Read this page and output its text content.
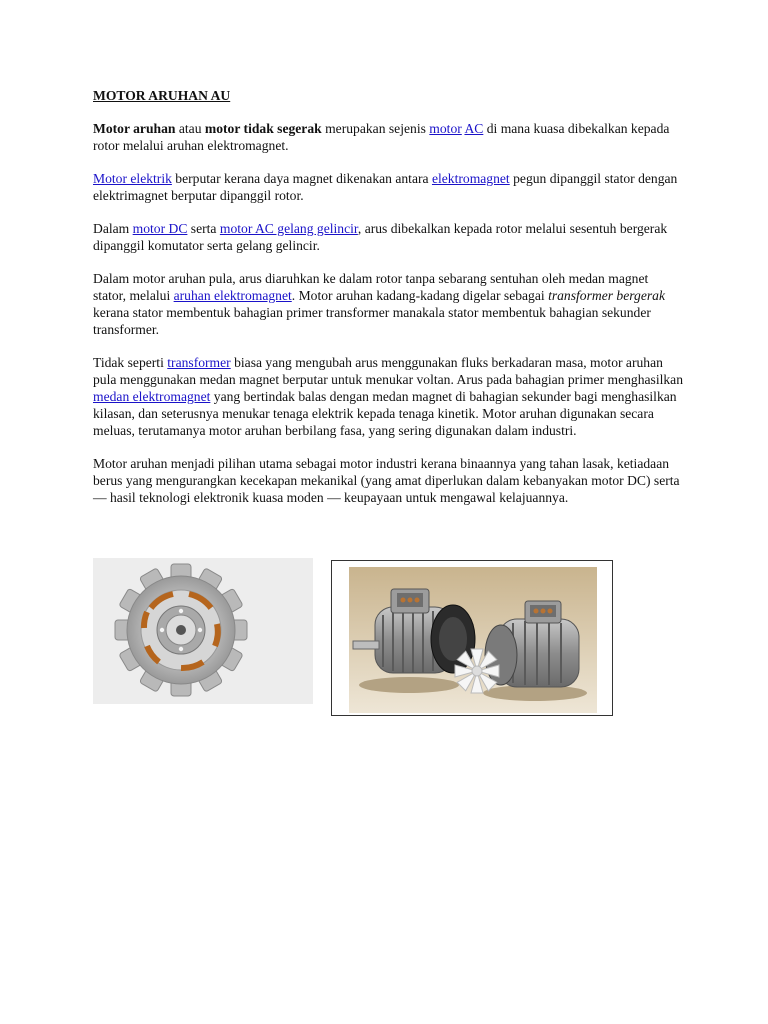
MOTOR ARUHAN AU

Motor aruhan atau motor tidak segerak merupakan sejenis motor AC di mana kuasa dibekalkan kepada rotor melalui aruhan elektromagnet.

Motor elektrik berputar kerana daya magnet dikenakan antara elektromagnet pegun dipanggil stator dengan elektrimagnet berputar dipanggil rotor.

Dalam motor DC serta motor AC gelang gelincir, arus dibekalkan kepada rotor melalui sesentuh bergerak dipanggil komutator serta gelang gelincir.

Dalam motor aruhan pula, arus diaruhkan ke dalam rotor tanpa sebarang sentuhan oleh medan magnet stator, melalui aruhan elektromagnet. Motor aruhan kadang-kadang digelar sebagai transformer bergerak kerana stator membentuk bahagian primer transformer manakala stator membentuk bahagian sekunder transformer.

Tidak seperti transformer biasa yang mengubah arus menggunakan fluks berkadaran masa, motor aruhan pula menggunakan medan magnet berputar untuk menukar voltan. Arus pada bahagian primer menghasilkan medan elektromagnet yang bertindak balas dengan medan magnet di bahagian sekunder bagi menghasilkan kilasan, dan seterusnya menukar tenaga elektrik kepada tenaga kinetik. Motor aruhan digunakan secara meluas, terutamanya motor aruhan berbilang fasa, yang sering digunakan dalam industri.

Motor aruhan menjadi pilihan utama sebagai motor industri kerana binaannya yang tahan lasak, ketiadaan berus yang mengurangkan kecekapan mekanikal (yang amat diperlukan dalam kebanyakan motor DC) serta — hasil teknologi elektronik kuasa moden — keupayaan untuk mengawal kelajuannya.
